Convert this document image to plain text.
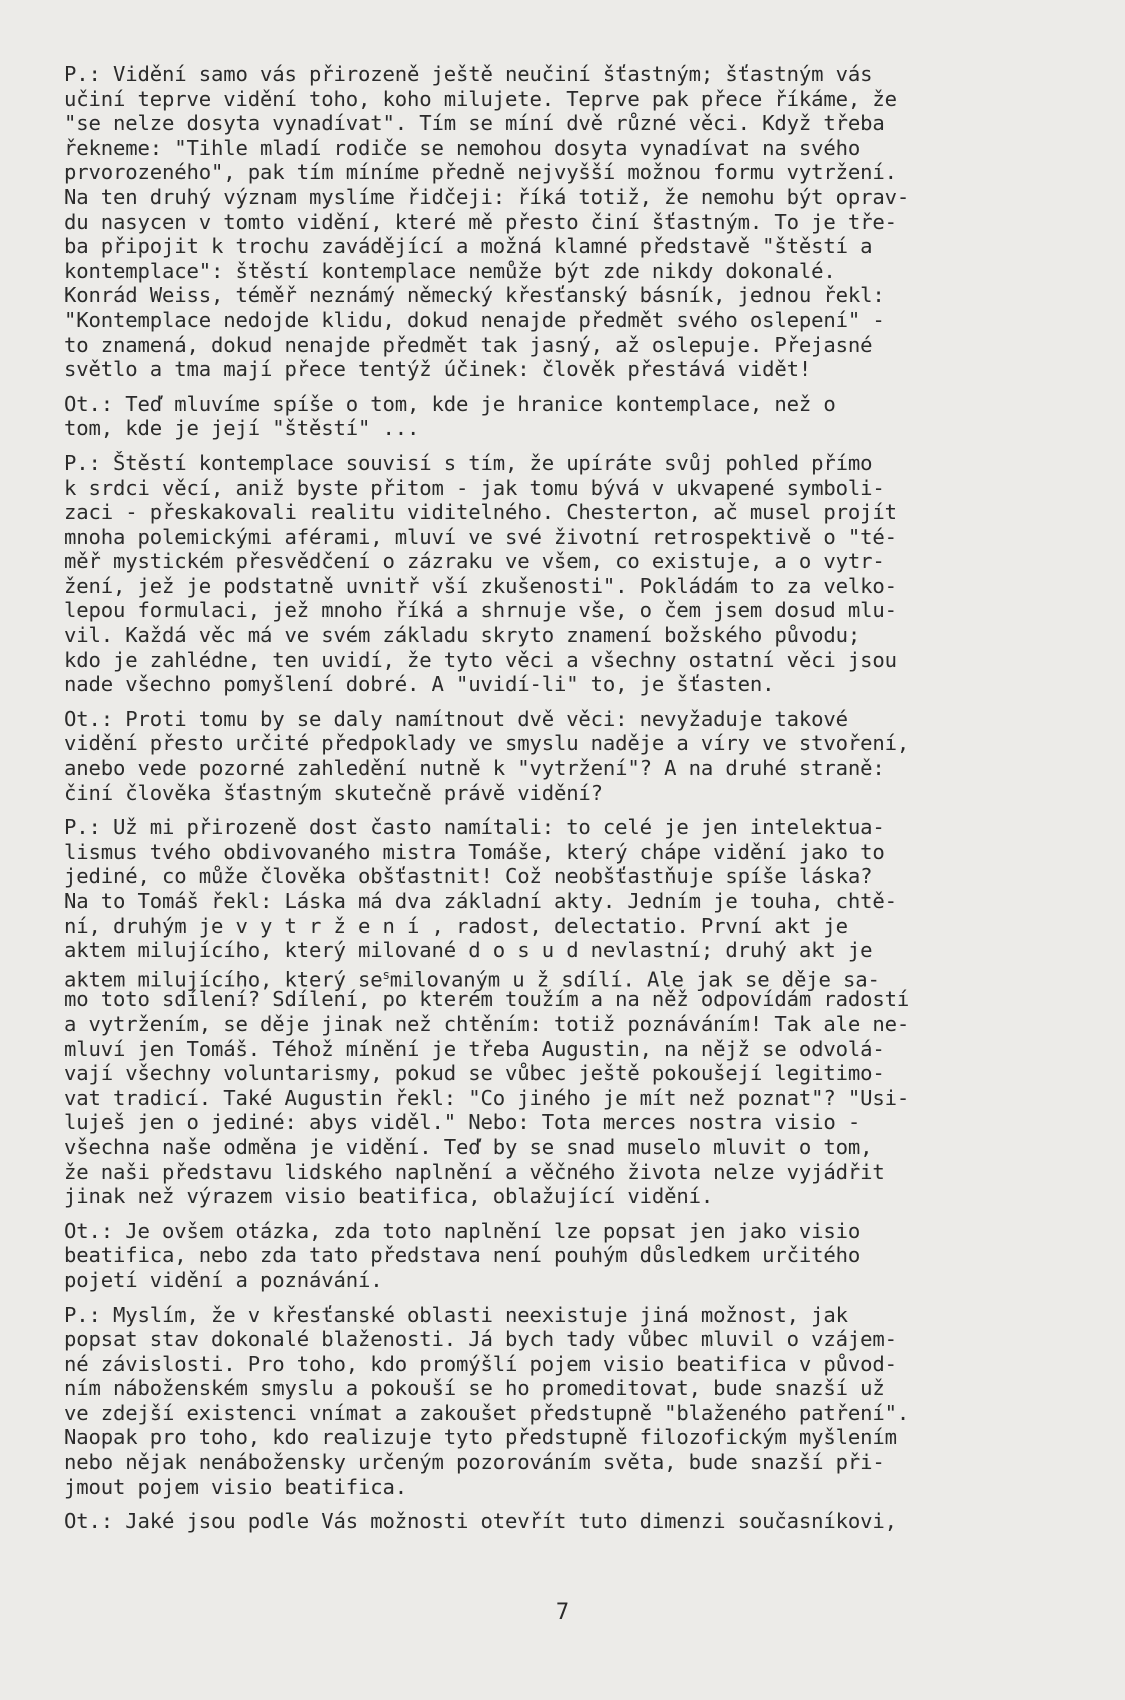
P.: Vidění samo vás přirozeně ještě neučiní šťastným; šťastným vás
učiní teprve vidění toho, koho milujete. Teprve pak přece říkáme, že
"se nelze dosyta vynadívat". Tím se míní dvě různé věci. Když třeba
řekneme: "Tihle mladí rodiče se nemohou dosyta vynadívat na svého
prvorozeného", pak tím míníme předně nejvyšší možnou formu vytržení.
Na ten druhý význam myslíme řidčeji: říká totiž, že nemohu být oprav-
du nasycen v tomto vidění, které mě přesto činí šťastným. To je tře-
ba připojit k trochu zavádějící a možná klamné představě "štěstí a
kontemplace": štěstí kontemplace nemůže být zde nikdy dokonalé.
Konrád Weiss, téměř neznámý německý křesťanský básník, jednou řekl:
"Kontemplace nedojde klidu, dokud nenajde předmět svého oslepení" -
to znamená, dokud nenajde předmět tak jasný, až oslepuje. Přejasné
světlo a tma mají přece tentýž účinek: člověk přestává vidět!
Ot.: Teď mluvíme spíše o tom, kde je hranice kontemplace, než o
tom, kde je její "štěstí" ...
P.: Štěstí kontemplace souvisí s tím, že upíráte svůj pohled přímo
k srdci věcí, aniž byste přitom - jak tomu bývá v ukvapené symboli-
zaci - přeskakovali realitu viditelného. Chesterton, ač musel projít
mnoha polemickými aférami, mluví ve své životní retrospektivě o "té-
měř mystickém přesvědčení o zázraku ve všem, co existuje, a o vytr-
žení, jež je podstatně uvnitř vší zkušenosti". Pokládám to za velko-
lepou formulaci, jež mnoho říká a shrnuje vše, o čem jsem dosud mlu-
vil. Každá věc má ve svém základu skryto znamení božského původu;
kdo je zahlédne, ten uvidí, že tyto věci a všechny ostatní věci jsou
nade všechno pomyšlení dobré. A "uvidí-li" to, je šťasten.
Ot.: Proti tomu by se daly namítnout dvě věci: nevyžaduje takové
vidění přesto určité předpoklady ve smyslu naděje a víry ve stvoření,
anebo vede pozorné zahledění nutně k "vytržení"? A na druhé straně:
činí člověka šťastným skutečně právě vidění?
P.: Už mi přirozeně dost často namítali: to celé je jen intelektua-
lismus tvého obdivovaného mistra Tomáše, který chápe vidění jako to
jediné, co může člověka obšťastnit! Což neobšťastňuje spíše láska?
Na to Tomáš řekl: Láska má dva základní akty. Jedním je touha, chtě-
ní, druhým je v y t r ž e n í , radost, delectatio. První akt je
aktem milujícího, který milované d o s u d nevlastní; druhý akt je
aktem milujícího, který $se^smilovaným$ u ž sdílí. Ale jak se děje sa-
mo toto sdílení? Sdílení, po kterém toužím a na něž odpovídám radostí
a vytržením, se děje jinak než chtěním: totiž poznáváním! Tak ale ne-
mluví jen Tomáš. Téhož mínění je třeba Augustin, na nějž se odvolá-
vají všechny voluntarismy, pokud se vůbec ještě pokoušejí legitimo-
vat tradicí. Také Augustin řekl: "Co jiného je mít než poznat"? "Usi-
luješ jen o jediné: abys viděl." Nebo: Tota merces nostra visio -
všechna naše odměna je vidění. Teď by se snad muselo mluvit o tom,
že naši představu lidského naplnění a věčného života nelze vyjádřit
jinak než výrazem visio beatifica, oblažující vidění.
Ot.: Je ovšem otázka, zda toto naplnění lze popsat jen jako visio
beatifica, nebo zda tato představa není pouhým důsledkem určitého
pojetí vidění a poznávání.
P.: Myslím, že v křesťanské oblasti neexistuje jiná možnost, jak
popsat stav dokonalé blaženosti. Já bych tady vůbec mluvil o vzájem-
né závislosti. Pro toho, kdo promýšlí pojem visio beatifica v původ-
ním náboženském smyslu a pokouší se ho promeditovat, bude snazší už
ve zdejší existenci vnímat a zakoušet předstupně "blaženého patření".
Naopak pro toho, kdo realizuje tyto předstupně filozofickým myšlením
nebo nějak nenábožensky určeným pozorováním světa, bude snazší při-
jmout pojem visio beatifica.
Ot.: Jaké jsou podle Vás možnosti otevřít tuto dimenzi současníkovi,
7
